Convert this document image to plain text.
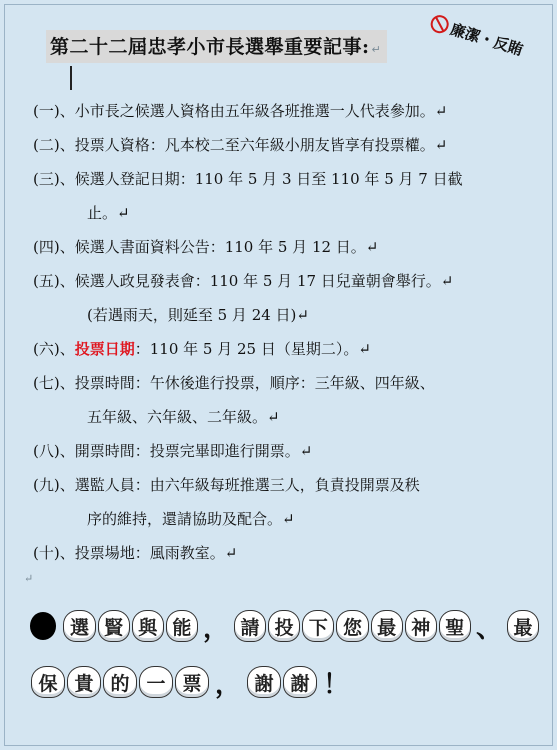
廉潔・反賄
第二十二屆忠孝小市長選舉重要記事: ↵
(一)、小市長之候選人資格由五年級各班推選一人代表參加。↵
(二)、投票人資格：凡本校二至六年級小朋友皆享有投票權。↵
(三)、候選人登記日期：110 年 5 月 3 日至 110 年 5 月 7 日截
止。↵
(四)、候選人書面資料公告：110 年 5 月 12 日。↵
(五)、候選人政見發表會：110 年 5 月 17 日兒童朝會舉行。↵
(若遇雨天，則延至 5 月 24 日)↵
(六)、投票日期：110 年 5 月 25 日（星期二）。↵
(七)、投票時間：午休後進行投票，順序：三年級、四年級、
五年級、六年級、二年級。↵
(八)、開票時間：投票完畢即進行開票。↵
(九)、選監人員：由六年級每班推選三人，負責投開票及秩
序的維持，還請協助及配合。↵
(十)、投票場地：風雨教室。↵
↵
選 賢 與 能 ， 請 投 下 您 最 神 聖 、 最
保 貴 的 一 票 ， 謝 謝 ！
